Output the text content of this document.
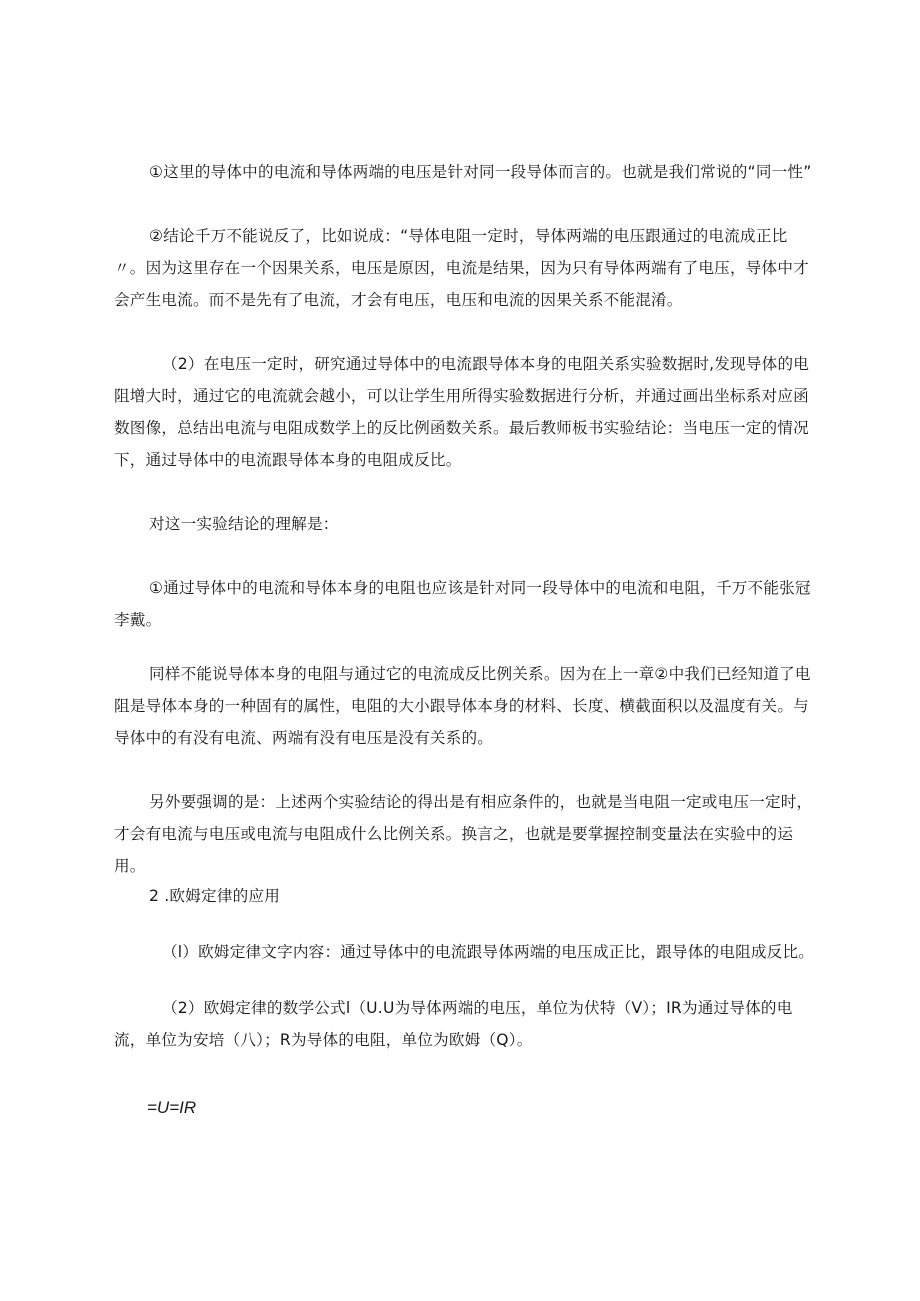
①这里的导体中的电流和导体两端的电压是针对同一段导体而言的。也就是我们常说的“同一性”

②结论千万不能说反了，比如说成：“导体电阻一定时，导体两端的电压跟通过的电流成正比〃。因为这里存在一个因果关系，电压是原因，电流是结果，因为只有导体两端有了电压，导体中才会产生电流。而不是先有了电流，才会有电压，电压和电流的因果关系不能混淆。

（2）在电压一定时，研究通过导体中的电流跟导体本身的电阻关系实验数据时,发现导体的电阻增大时，通过它的电流就会越小，可以让学生用所得实验数据进行分析，并通过画出坐标系对应函数图像，总结出电流与电阻成数学上的反比例函数关系。最后教师板书实验结论：当电压一定的情况下，通过导体中的电流跟导体本身的电阻成反比。

对这一实验结论的理解是：

①通过导体中的电流和导体本身的电阻也应该是针对同一段导体中的电流和电阻，千万不能张冠李戴。

同样不能说导体本身的电阻与通过它的电流成反比例关系。因为在上一章②中我们已经知道了电阻是导体本身的一种固有的属性，电阻的大小跟导体本身的材料、长度、横截面积以及温度有关。与导体中的有没有电流、两端有没有电压是没有关系的。

另外要强调的是：上述两个实验结论的得出是有相应条件的，也就是当电阻一定或电压一定时，才会有电流与电压或电流与电阻成什么比例关系。换言之，也就是要掌握控制变量法在实验中的运用。

2 .欧姆定律的应用

（l）欧姆定律文字内容：通过导体中的电流跟导体两端的电压成正比，跟导体的电阻成反比。

（2）欧姆定律的数学公式l（U.U为导体两端的电压，单位为伏特（V）；IR为通过导体的电流，单位为安培（八）；R为导体的电阻，单位为欧姆（Q）。

=U=IR
